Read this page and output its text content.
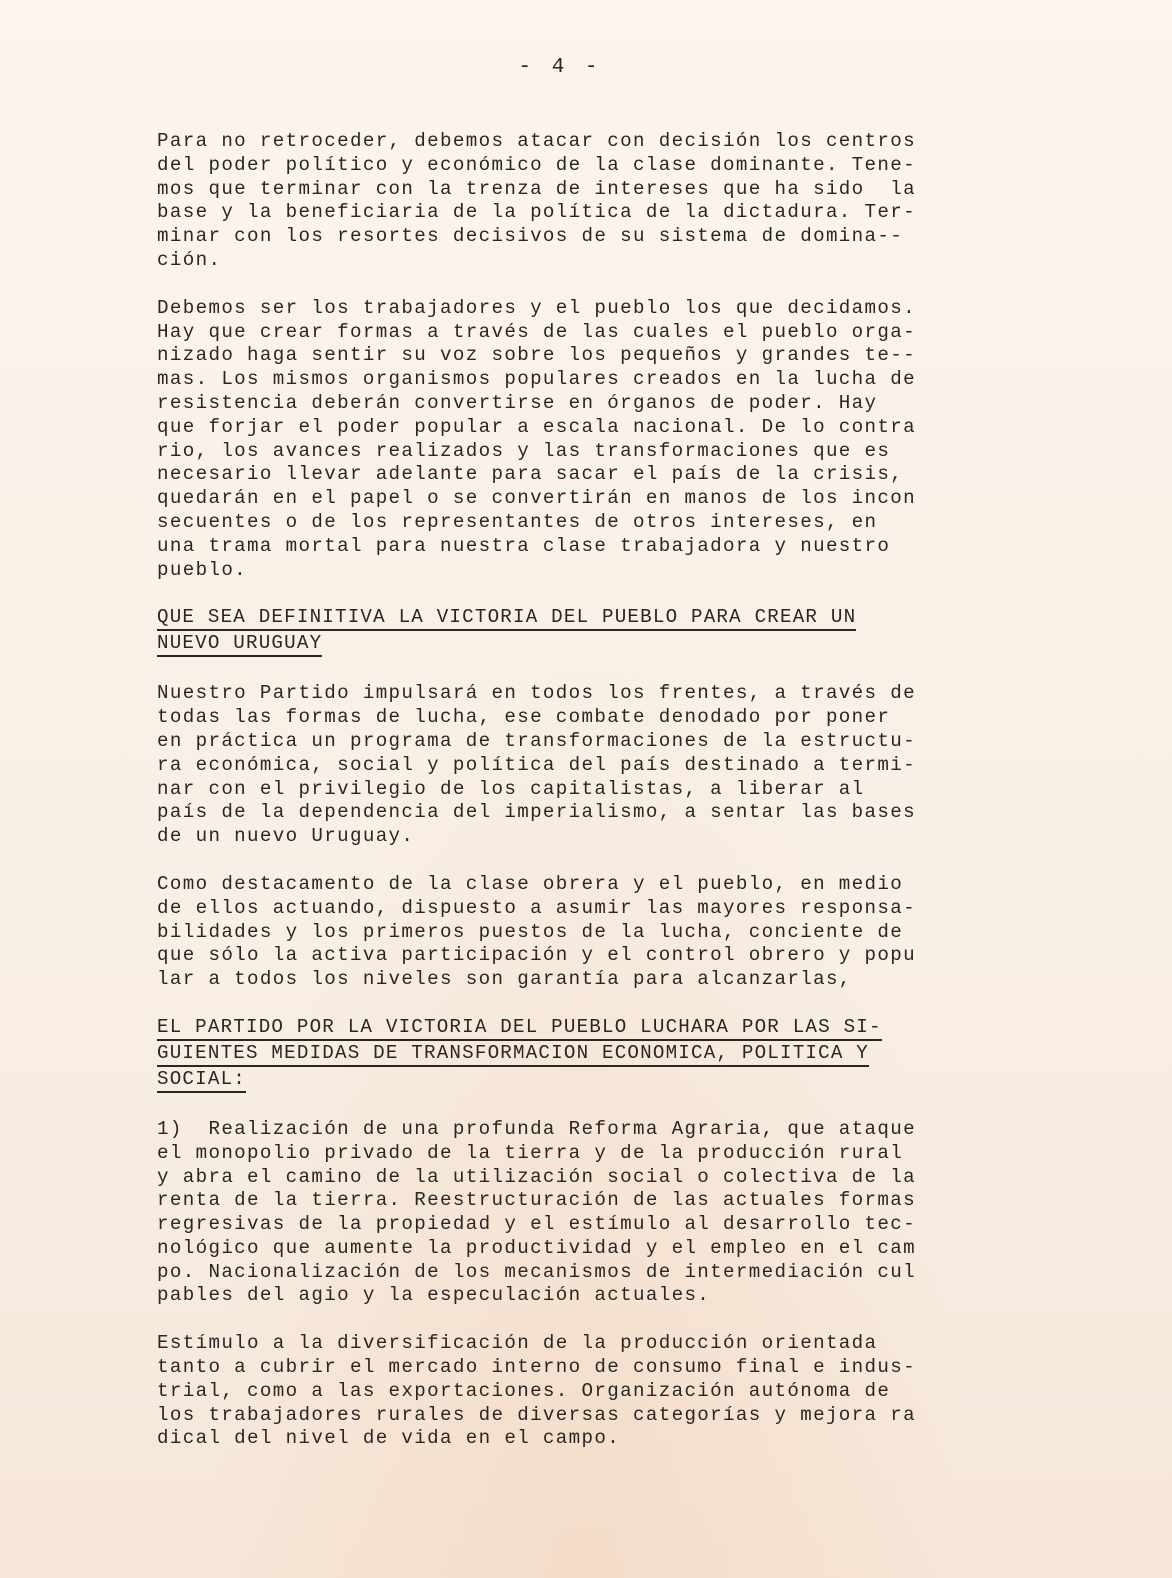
- 4 -

Para no retroceder, debemos atacar con decisión los centros
del poder político y económico de la clase dominante. Tene-
mos que terminar con la trenza de intereses que ha sido  la
base y la beneficiaria de la política de la dictadura. Ter-
minar con los resortes decisivos de su sistema de domina--
ción.

Debemos ser los trabajadores y el pueblo los que decidamos.
Hay que crear formas a través de las cuales el pueblo orga-
nizado haga sentir su voz sobre los pequeños y grandes te--
mas. Los mismos organismos populares creados en la lucha de
resistencia deberán convertirse en órganos de poder. Hay
que forjar el poder popular a escala nacional. De lo contra
rio, los avances realizados y las transformaciones que es
necesario llevar adelante para sacar el país de la crisis,
quedarán en el papel o se convertirán en manos de los incon
secuentes o de los representantes de otros intereses, en
una trama mortal para nuestra clase trabajadora y nuestro
pueblo.

QUE SEA DEFINITIVA LA VICTORIA DEL PUEBLO PARA CREAR UN
NUEVO URUGUAY

Nuestro Partido impulsará en todos los frentes, a través de
todas las formas de lucha, ese combate denodado por poner
en práctica un programa de transformaciones de la estructu-
ra económica, social y política del país destinado a termi-
nar con el privilegio de los capitalistas, a liberar al
país de la dependencia del imperialismo, a sentar las bases
de un nuevo Uruguay.

Como destacamento de la clase obrera y el pueblo, en medio
de ellos actuando, dispuesto a asumir las mayores responsa-
bilidades y los primeros puestos de la lucha, conciente de
que sólo la activa participación y el control obrero y popu
lar a todos los niveles son garantía para alcanzarlas,

EL PARTIDO POR LA VICTORIA DEL PUEBLO LUCHARA POR LAS SI-
GUIENTES MEDIDAS DE TRANSFORMACION ECONOMICA, POLITICA Y
SOCIAL:

1)  Realización de una profunda Reforma Agraria, que ataque
el monopolio privado de la tierra y de la producción rural
y abra el camino de la utilización social o colectiva de la
renta de la tierra. Reestructuración de las actuales formas
regresivas de la propiedad y el estímulo al desarrollo tec-
nológico que aumente la productividad y el empleo en el cam
po. Nacionalización de los mecanismos de intermediación cul
pables del agio y la especulación actuales.

Estímulo a la diversificación de la producción orientada
tanto a cubrir el mercado interno de consumo final e indus-
trial, como a las exportaciones. Organización autónoma de
los trabajadores rurales de diversas categorías y mejora ra
dical del nivel de vida en el campo.
